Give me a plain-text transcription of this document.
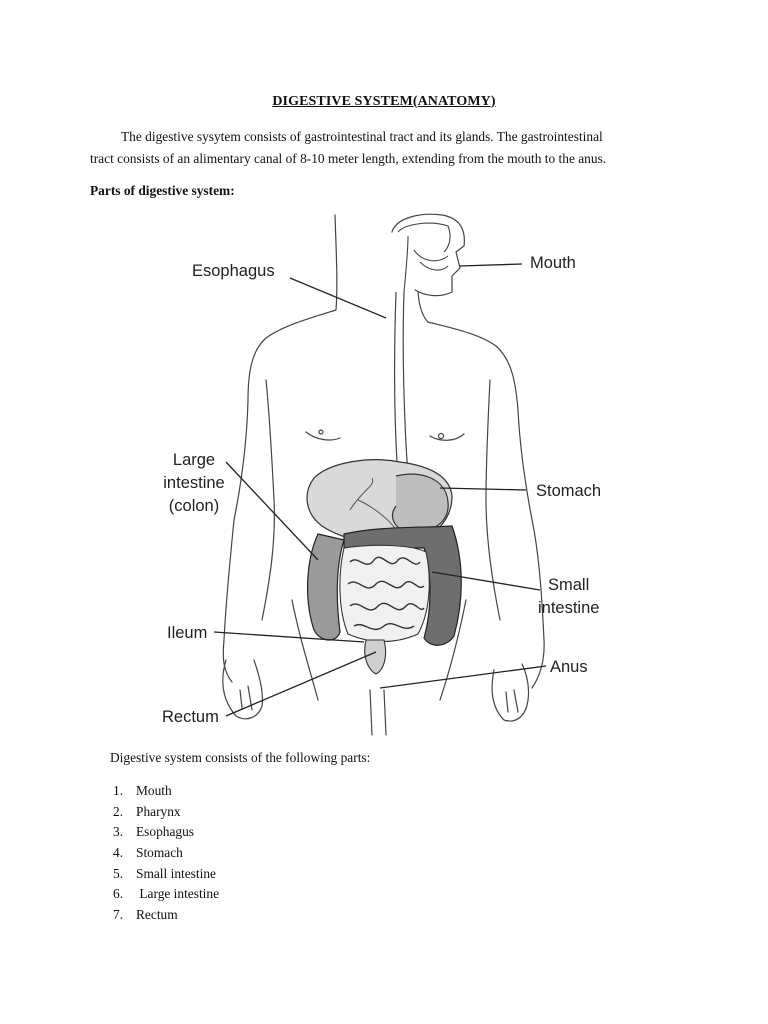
DIGESTIVE SYSTEM(ANATOMY)
The digestive sysytem consists of gastrointestinal tract and its glands. The gastrointestinal
tract consists of an alimentary canal of 8-10 meter length, extending from the mouth to the anus.
Parts of digestive system:
Esophagus	Mouth
Large
intestine
(colon)
Stomach
Small
intestine
Ileum
Anus
Rectum
Digestive system consists of the following parts:
1. Mouth
2. Pharynx
3. Esophagus
4. Stomach
5. Small intestine
6. Large intestine
7. Rectum
